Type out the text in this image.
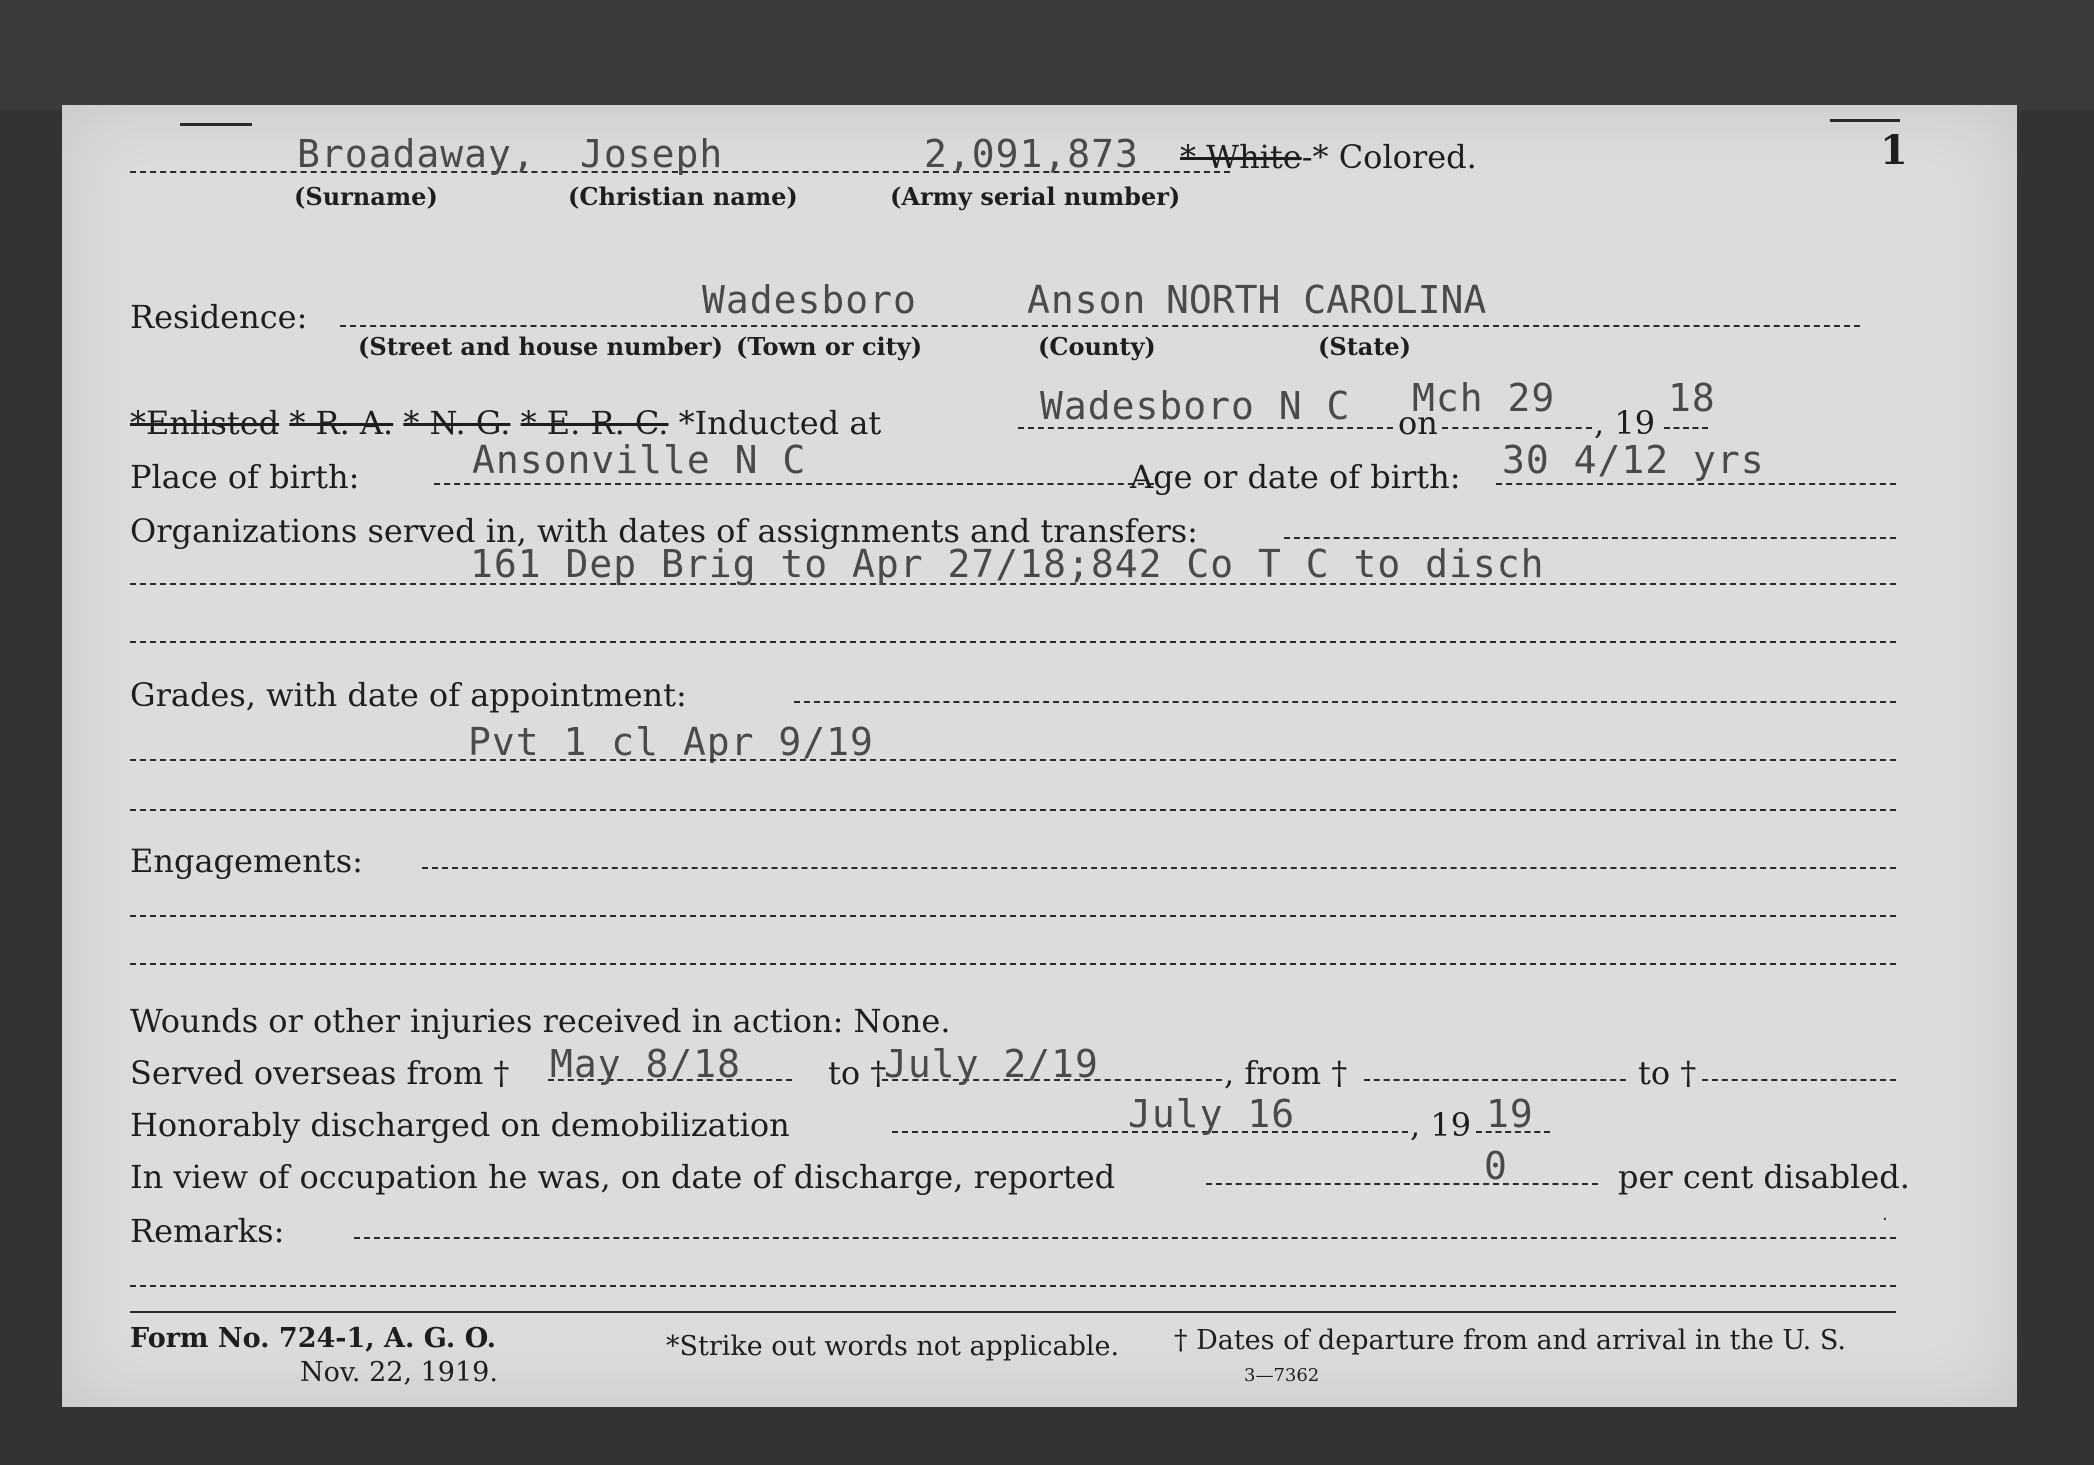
1
Broadaway, Joseph	2,091,873 * White-* Colored.
(Surname)	(Christian name)	(Army serial number)
Residence:	Wadesboro	Anson NORTH CAROLINA
(Street and house number) (Town or city)	(County)	(State)
*Enlisted * R. A. * N. G. * E. R. C. *Inducted at	Wadesboro N C on
Mch 29
, 19
18
Place of birth:	Ansonville N C	Age or date of birth: 30 4/12 yrs
Organizations served in, with dates of assignments and transfers:
161 Dep Brig to Apr 27/18;842 Co T C to disch
Grades, with date of appointment:
Pvt 1 cl Apr 9/19
Engagements:
Wounds or other injuries received in action: None.
Served overseas from † May 8/18	to †
July 2/19	, from †	to †
Honorably discharged on demobilization	July 16	, 19 19
In view of occupation he was, on date of discharge, reported	0	per cent disabled.
Remarks:
Form No. 724-1, A. G. O.
Nov. 22, 1919.
*Strike out words not applicable. † Dates of departure from and arrival in the U. S.
3—7362
·
